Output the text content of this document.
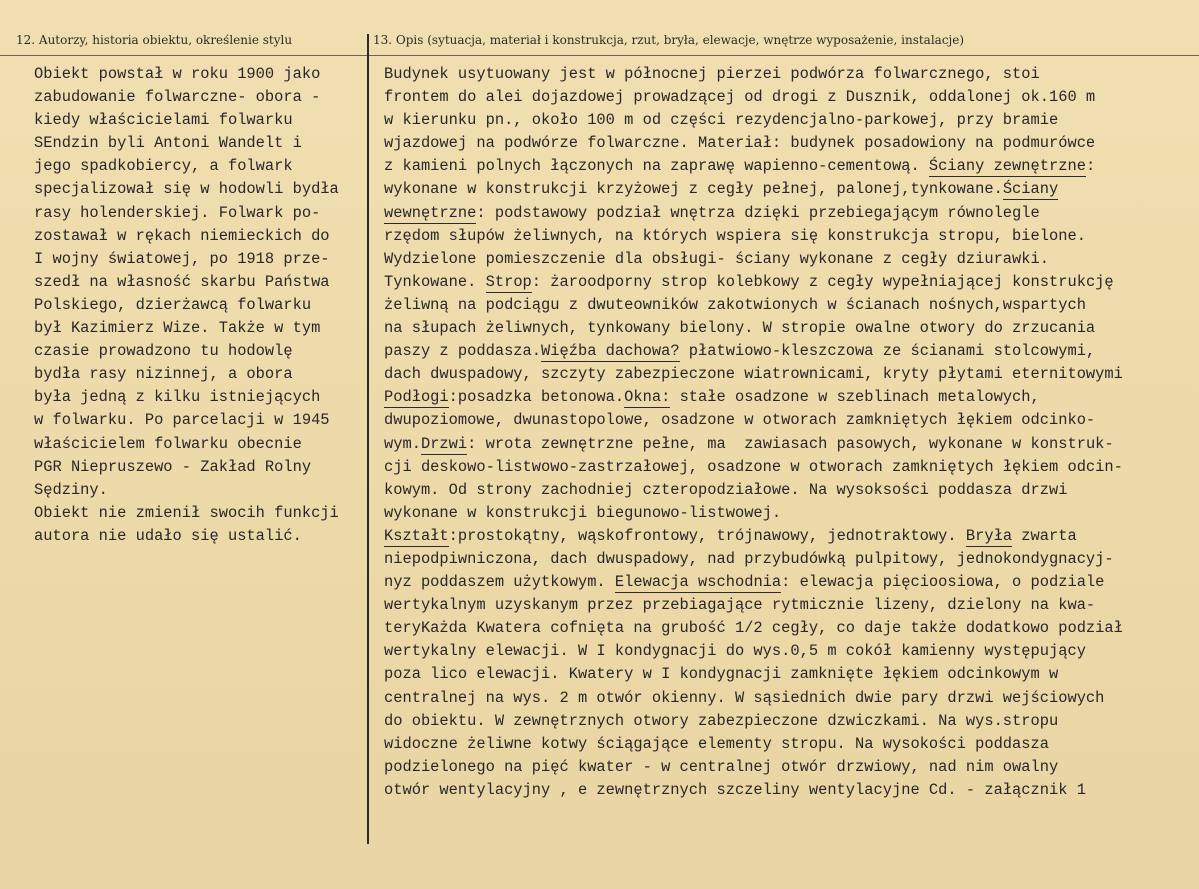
12. Autorzy, historia obiektu, określenie stylu	13. Opis (sytuacja, materiał i konstrukcja, rzut, bryła, elewacje, wnętrze wyposażenie, instalacje)
Obiekt powstał w roku 1900 jako
zabudowanie folwarczne- obora -
kiedy właścicielami folwarku
SEndzin byli Antoni Wandelt i
jego spadkobiercy, a folwark
specjalizował się w hodowli bydła
rasy holenderskiej. Folwark po-
zostawał w rękach niemieckich do
I wojny światowej, po 1918 prze-
szedł na własność skarbu Państwa
Polskiego, dzierżawcą folwarku
był Kazimierz Wize. Także w tym
czasie prowadzono tu hodowlę
bydła rasy nizinnej, a obora
była jedną z kilku istniejących
w folwarku. Po parcelacji w 1945
właścicielem folwarku obecnie
PGR Niepruszewo - Zakład Rolny
Sędziny.
Obiekt nie zmienił swocih funkcji
autora nie udało się ustalić.
Budynek usytuowany jest w północnej pierzei podwórza folwarcznego, stoi
frontem do alei dojazdowej prowadzącej od drogi z Dusznik, oddalonej ok.160 m
w kierunku pn., około 100 m od części rezydencjalno-parkowej, przy bramie
wjazdowej na podwórze folwarczne. Materiał: budynek posadowiony na podmurówce
z kamieni polnych łączonych na zaprawę wapienno-cementową. Ściany zewnętrzne:
wykonane w konstrukcji krzyżowej z cegły pełnej, palonej,tynkowane.Ściany
wewnętrzne: podstawowy podział wnętrza dzięki przebiegającym równolegle
rzędom słupów żeliwnych, na których wspiera się konstrukcja stropu, bielone.
Wydzielone pomieszczenie dla obsługi- ściany wykonane z cegły dziurawki.
Tynkowane. Strop: żaroodporny strop kolebkowy z cegły wypełniającej konstrukcję
żeliwną na podciągu z dwuteowników zakotwionych w ścianach nośnych,wspartych
na słupach żeliwnych, tynkowany bielony. W stropie owalne otwory do zrzucania
paszy z poddasza.Więźba dachowa? płatwiowo-kleszczowa ze ścianami stolcowymi,
dach dwuspadowy, szczyty zabezpieczone wiatrownicami, kryty płytami eternitowymi
Podłogi:posadzka betonowa.Okna: stałe osadzone w szeblinach metalowych,
dwupoziomowe, dwunastopolowe, osadzone w otworach zamkniętych łękiem odcinko-
wym.Drzwi: wrota zewnętrzne pełne, ma  zawiasach pasowych, wykonane w konstruk-
cji deskowo-listwowo-zastrzałowej, osadzone w otworach zamkniętych łękiem odcin-
kowym. Od strony zachodniej czteropodziałowe. Na wysoksości poddasza drzwi
wykonane w konstrukcji biegunowo-listwowej.
Kształt:prostokątny, wąskofrontowy, trójnawowy, jednotraktowy. Bryła zwarta
niepodpiwniczona, dach dwuspadowy, nad przybudówką pulpitowy, jednokondygnacyj-
nyz poddaszem użytkowym. Elewacja wschodnia: elewacja pięcioosiowa, o podziale
wertykalnym uzyskanym przez przebiagające rytmicznie lizeny, dzielony na kwa-
teryKażda Kwatera cofnięta na grubość 1/2 cegły, co daje także dodatkowo podział
wertykalny elewacji. W I kondygnacji do wys.0,5 m cokół kamienny występujący
poza lico elewacji. Kwatery w I kondygnacji zamknięte łękiem odcinkowym w
centralnej na wys. 2 m otwór okienny. W sąsiednich dwie pary drzwi wejściowych
do obiektu. W zewnętrznych otwory zabezpieczone dzwiczkami. Na wys.stropu
widoczne żeliwne kotwy ściągające elementy stropu. Na wysokości poddasza
podzielonego na pięć kwater - w centralnej otwór drzwiowy, nad nim owalny
otwór wentylacyjny , e zewnętrznych szczeliny wentylacyjne Cd. - załącznik 1
